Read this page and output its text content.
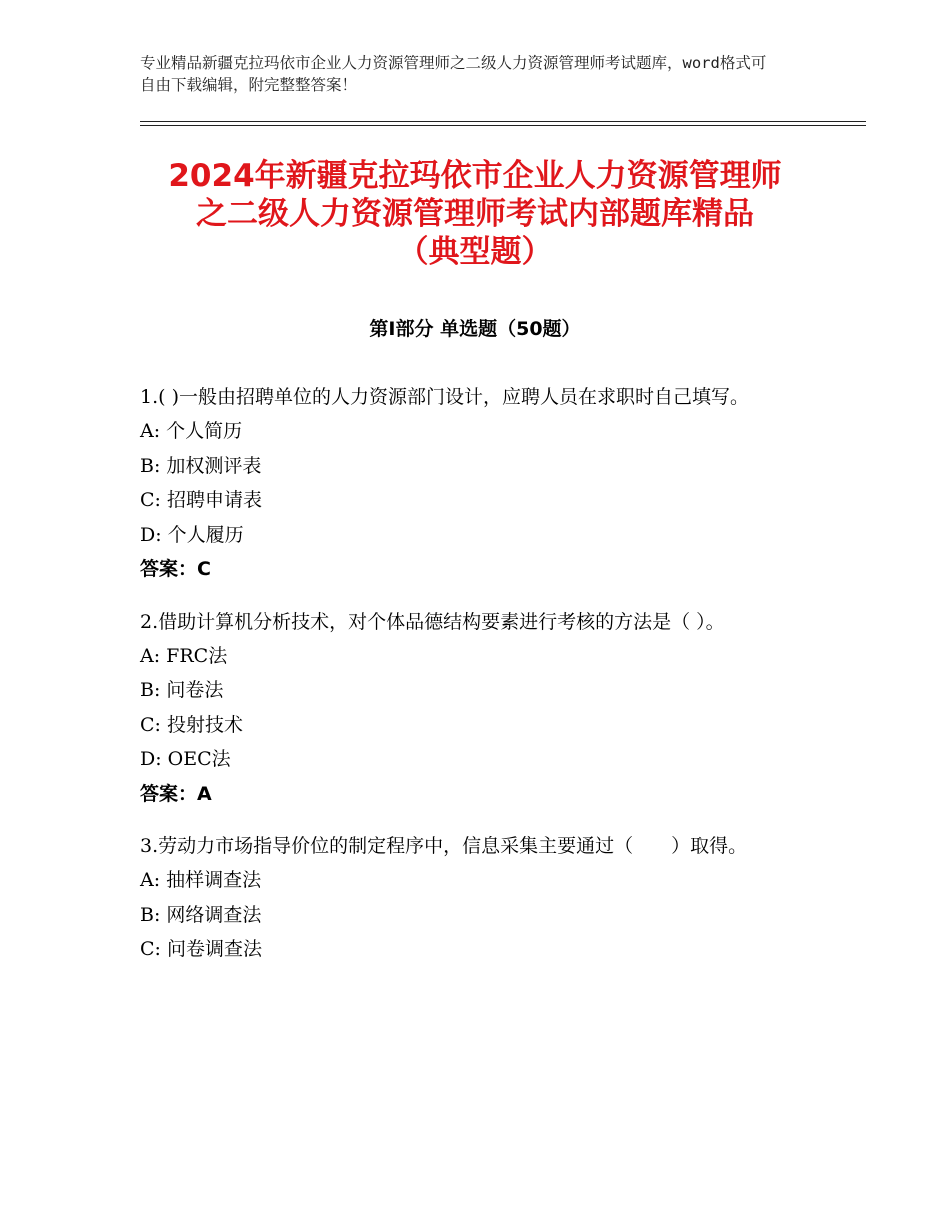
专业精品新疆克拉玛依市企业人力资源管理师之二级人力资源管理师考试题库，word格式可自由下载编辑，附完整整答案！
2024年新疆克拉玛依市企业人力资源管理师
之二级人力资源管理师考试内部题库精品
（典型题）
第Ⅰ部分 单选题（50题）
1.( )一般由招聘单位的人力资源部门设计，应聘人员在求职时自己填写。
A: 个人简历
B: 加权测评表
C: 招聘申请表
D: 个人履历
答案：C
2.借助计算机分析技术，对个体品德结构要素进行考核的方法是（ ）。
A: FRC法
B: 问卷法
C: 投射技术
D: OEC法
答案：A
3.劳动力市场指导价位的制定程序中，信息采集主要通过（　　）取得。
A: 抽样调查法
B: 网络调查法
C: 问卷调查法
